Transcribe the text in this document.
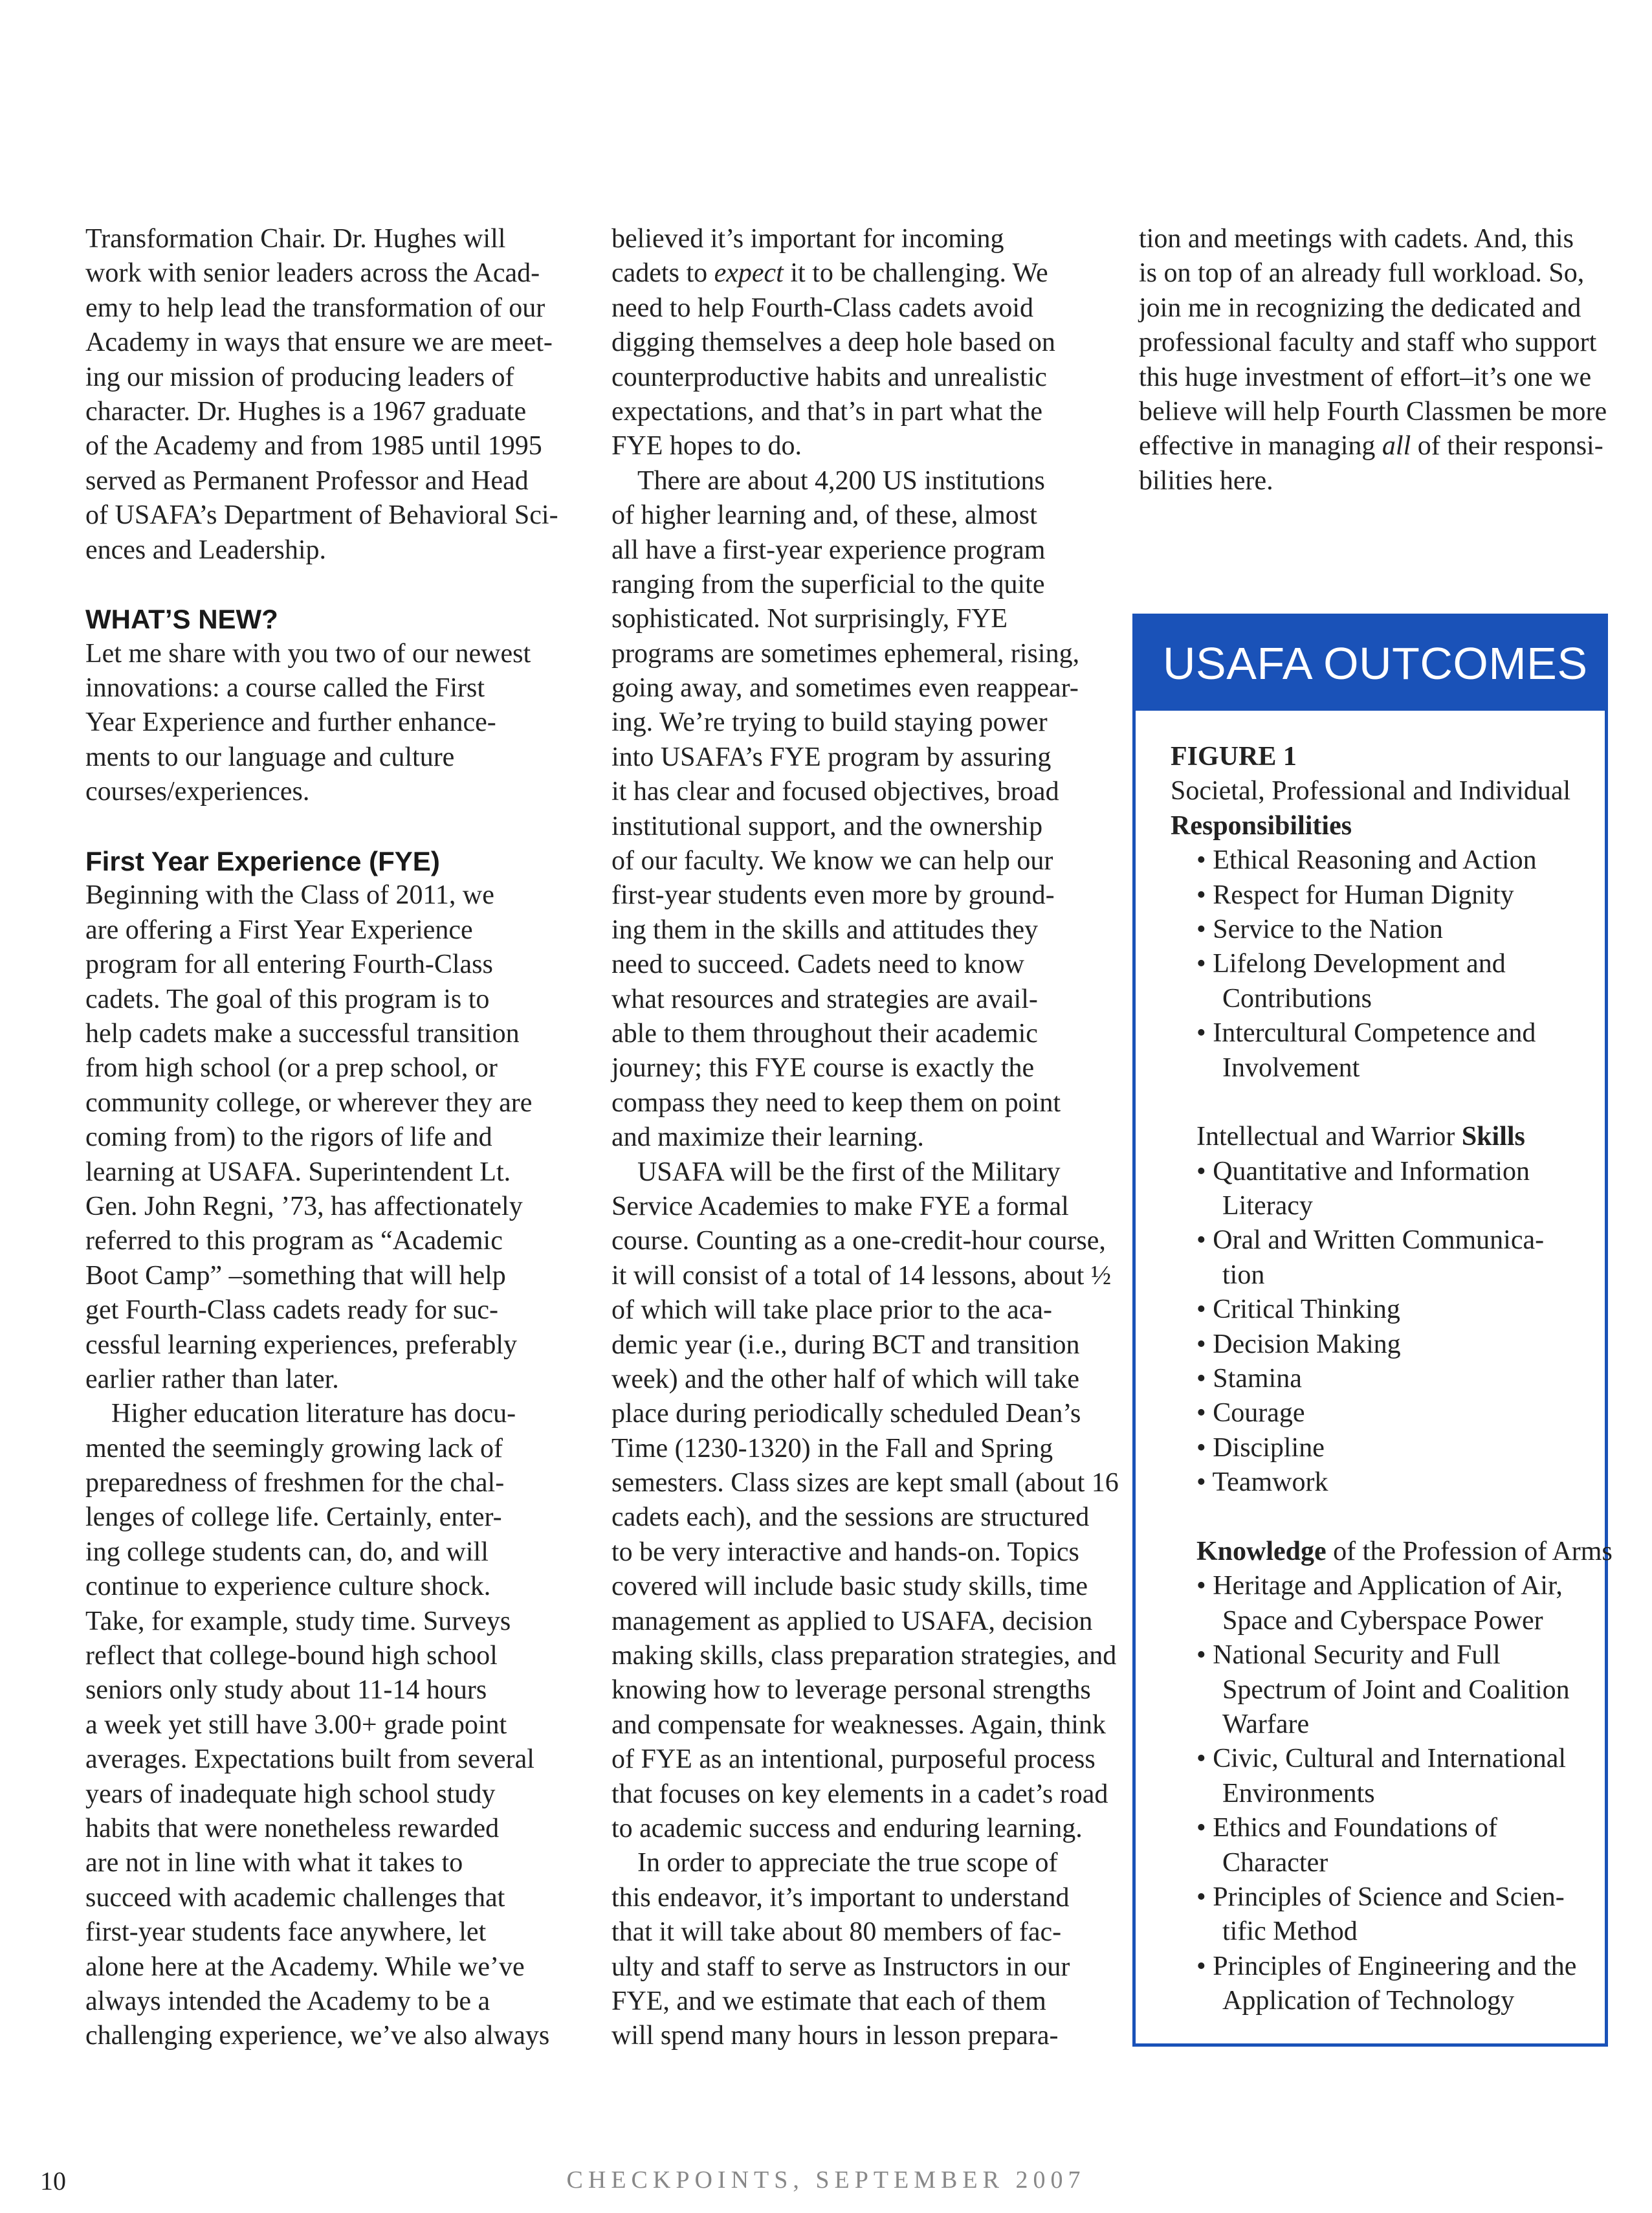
Transformation Chair. Dr. Hughes will
work with senior leaders across the Acad-
emy to help lead the transformation of our
Academy in ways that ensure we are meet-
ing our mission of producing leaders of
character. Dr. Hughes is a 1967 graduate
of the Academy and from 1985 until 1995
served as Permanent Professor and Head
of USAFA’s Department of Behavioral Sci-
ences and Leadership.
WHAT’S NEW?
Let me share with you two of our newest
innovations: a course called the First
Year Experience and further enhance-
ments to our language and culture
courses/experiences.
First Year Experience (FYE)
Beginning with the Class of 2011, we
are offering a First Year Experience
program for all entering Fourth-Class
cadets. The goal of this program is to
help cadets make a successful transition
from high school (or a prep school, or
community college, or wherever they are
coming from) to the rigors of life and
learning at USAFA. Superintendent Lt.
Gen. John Regni, ’73, has affectionately
referred to this program as “Academic
Boot Camp” –something that will help
get Fourth-Class cadets ready for suc-
cessful learning experiences, preferably
earlier rather than later.
Higher education literature has docu-
mented the seemingly growing lack of
preparedness of freshmen for the chal-
lenges of college life. Certainly, enter-
ing college students can, do, and will
continue to experience culture shock.
Take, for example, study time. Surveys
reflect that college-bound high school
seniors only study about 11-14 hours
a week yet still have 3.00+ grade point
averages. Expectations built from several
years of inadequate high school study
habits that were nonetheless rewarded
are not in line with what it takes to
succeed with academic challenges that
first-year students face anywhere, let
alone here at the Academy. While we’ve
always intended the Academy to be a
challenging experience, we’ve also always
believed it’s important for incoming
cadets to expect it to be challenging. We
need to help Fourth-Class cadets avoid
digging themselves a deep hole based on
counterproductive habits and unrealistic
expectations, and that’s in part what the
FYE hopes to do.
There are about 4,200 US institutions
of higher learning and, of these, almost
all have a first-year experience program
ranging from the superficial to the quite
sophisticated. Not surprisingly, FYE
programs are sometimes ephemeral, rising,
going away, and sometimes even reappear-
ing. We’re trying to build staying power
into USAFA’s FYE program by assuring
it has clear and focused objectives, broad
institutional support, and the ownership
of our faculty. We know we can help our
first-year students even more by ground-
ing them in the skills and attitudes they
need to succeed. Cadets need to know
what resources and strategies are avail-
able to them throughout their academic
journey; this FYE course is exactly the
compass they need to keep them on point
and maximize their learning.
USAFA will be the first of the Military
Service Academies to make FYE a formal
course. Counting as a one-credit-hour course,
it will consist of a total of 14 lessons, about ½
of which will take place prior to the aca-
demic year (i.e., during BCT and transition
week) and the other half of which will take
place during periodically scheduled Dean’s
Time (1230-1320) in the Fall and Spring
semesters. Class sizes are kept small (about 16
cadets each), and the sessions are structured
to be very interactive and hands-on. Topics
covered will include basic study skills, time
management as applied to USAFA, decision
making skills, class preparation strategies, and
knowing how to leverage personal strengths
and compensate for weaknesses. Again, think
of FYE as an intentional, purposeful process
that focuses on key elements in a cadet’s road
to academic success and enduring learning.
In order to appreciate the true scope of
this endeavor, it’s important to understand
that it will take about 80 members of fac-
ulty and staff to serve as Instructors in our
FYE, and we estimate that each of them
will spend many hours in lesson prepara-
tion and meetings with cadets. And, this
is on top of an already full workload. So,
join me in recognizing the dedicated and
professional faculty and staff who support
this huge investment of effort–it’s one we
believe will help Fourth Classmen be more
effective in managing all of their responsi-
bilities here.
USAFA OUTCOMES
FIGURE 1
Societal, Professional and Individual
Responsibilities
• Ethical Reasoning and Action
• Respect for Human Dignity
• Service to the Nation
• Lifelong Development and
Contributions
• Intercultural Competence and
Involvement
Intellectual and Warrior Skills
• Quantitative and Information
Literacy
• Oral and Written Communica-
tion
• Critical Thinking
• Decision Making
• Stamina
• Courage
• Discipline
• Teamwork
Knowledge of the Profession of Arms
• Heritage and Application of Air,
Space and Cyberspace Power
• National Security and Full
Spectrum of Joint and Coalition
Warfare
• Civic, Cultural and International
Environments
• Ethics and Foundations of
Character
• Principles of Science and Scien-
tific Method
• Principles of Engineering and the
Application of Technology
10	CHECKPOINTS, SEPTEMBER 2007
